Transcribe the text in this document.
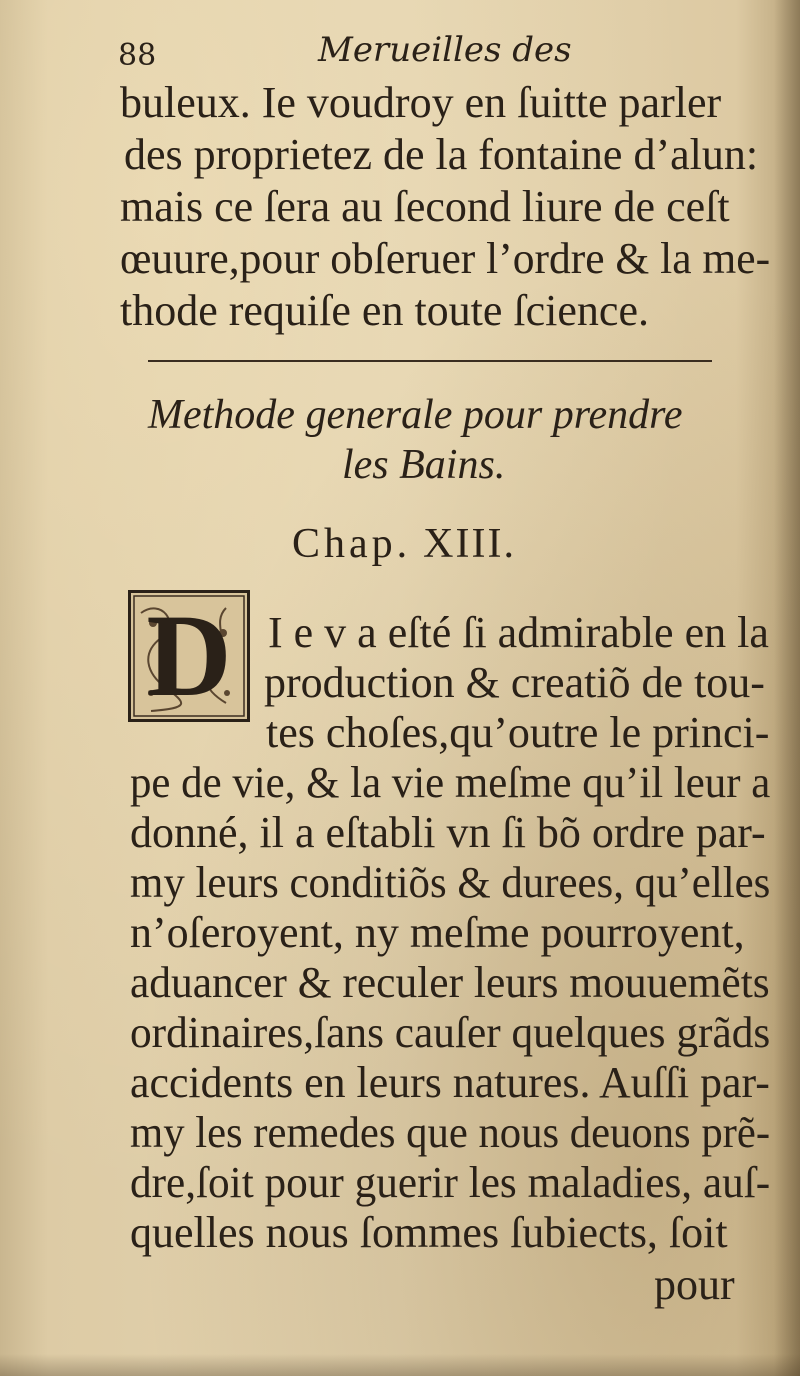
88	Merueilles des
buleux. Ie voudroy en ſuitte parler
des proprietez de la fontaine d’alun:
mais ce ſera au ſecond liure de ceſt
œuure,pour obſeruer l’ordre & la me-
thode requiſe en toute ſcience.
Methode generale pour prendre
les Bains.
Chap. XIII.
D I e v a eſté ſi admirable en la
production & creatiõ de tou-
tes choſes,qu’outre le princi-
pe de vie, & la vie meſme qu’il leur a
donné, il a eſtabli vn ſi bõ ordre par-
my leurs conditiõs & durees, qu’elles
n’oſeroyent, ny meſme pourroyent,
aduancer & reculer leurs mouuemẽts
ordinaires,ſans cauſer quelques grãds
accidents en leurs natures. Auſſi par-
my les remedes que nous deuons prẽ-
dre,ſoit pour guerir les maladies, auſ-
quelles nous ſommes ſubiects, ſoit
pour
